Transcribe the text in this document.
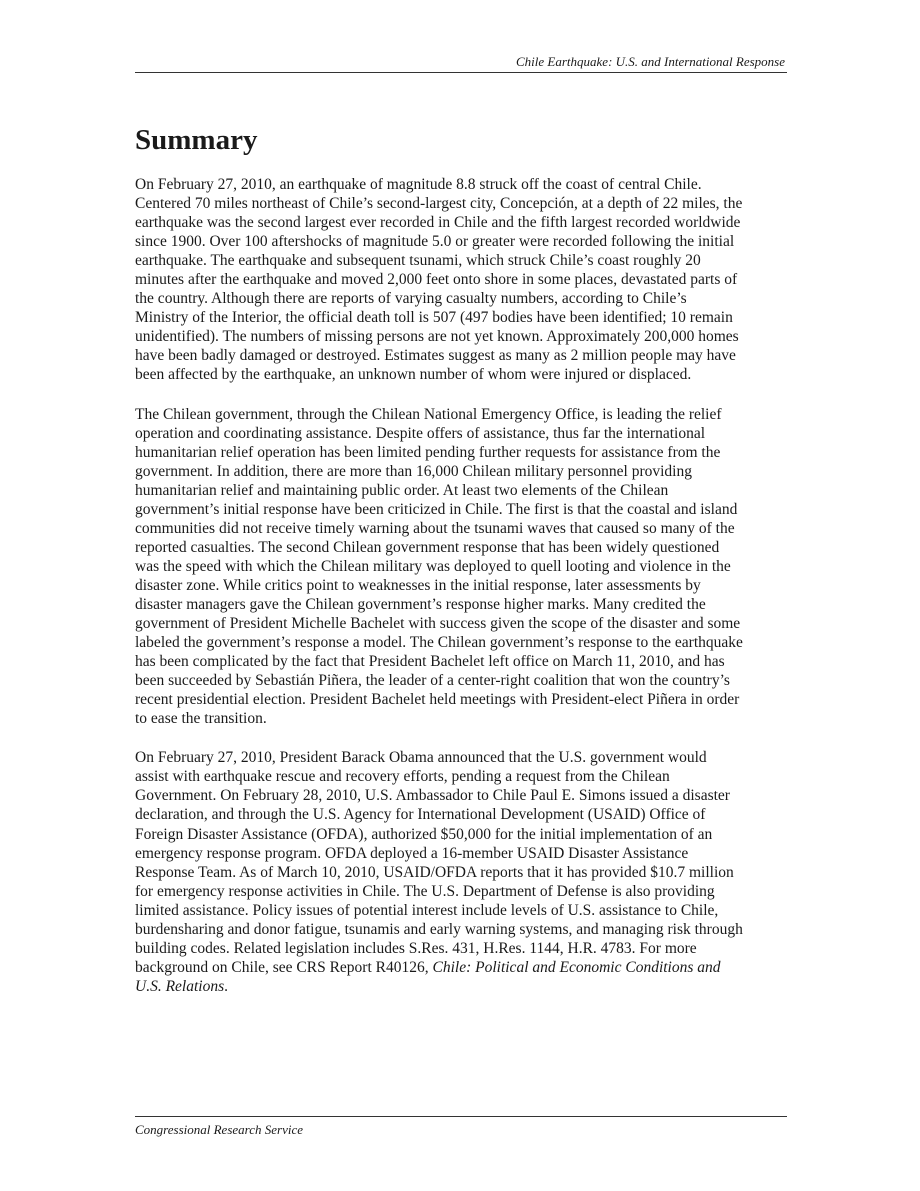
Chile Earthquake: U.S. and International Response
Summary

On February 27, 2010, an earthquake of magnitude 8.8 struck off the coast of central Chile.
Centered 70 miles northeast of Chile’s second-largest city, Concepción, at a depth of 22 miles, the
earthquake was the second largest ever recorded in Chile and the fifth largest recorded worldwide
since 1900. Over 100 aftershocks of magnitude 5.0 or greater were recorded following the initial
earthquake. The earthquake and subsequent tsunami, which struck Chile’s coast roughly 20
minutes after the earthquake and moved 2,000 feet onto shore in some places, devastated parts of
the country. Although there are reports of varying casualty numbers, according to Chile’s
Ministry of the Interior, the official death toll is 507 (497 bodies have been identified; 10 remain
unidentified). The numbers of missing persons are not yet known. Approximately 200,000 homes
have been badly damaged or destroyed. Estimates suggest as many as 2 million people may have
been affected by the earthquake, an unknown number of whom were injured or displaced.

The Chilean government, through the Chilean National Emergency Office, is leading the relief
operation and coordinating assistance. Despite offers of assistance, thus far the international
humanitarian relief operation has been limited pending further requests for assistance from the
government. In addition, there are more than 16,000 Chilean military personnel providing
humanitarian relief and maintaining public order. At least two elements of the Chilean
government’s initial response have been criticized in Chile. The first is that the coastal and island
communities did not receive timely warning about the tsunami waves that caused so many of the
reported casualties. The second Chilean government response that has been widely questioned
was the speed with which the Chilean military was deployed to quell looting and violence in the
disaster zone. While critics point to weaknesses in the initial response, later assessments by
disaster managers gave the Chilean government’s response higher marks. Many credited the
government of President Michelle Bachelet with success given the scope of the disaster and some
labeled the government’s response a model. The Chilean government’s response to the earthquake
has been complicated by the fact that President Bachelet left office on March 11, 2010, and has
been succeeded by Sebastián Piñera, the leader of a center-right coalition that won the country’s
recent presidential election. President Bachelet held meetings with President-elect Piñera in order
to ease the transition.

On February 27, 2010, President Barack Obama announced that the U.S. government would
assist with earthquake rescue and recovery efforts, pending a request from the Chilean
Government. On February 28, 2010, U.S. Ambassador to Chile Paul E. Simons issued a disaster
declaration, and through the U.S. Agency for International Development (USAID) Office of
Foreign Disaster Assistance (OFDA), authorized $50,000 for the initial implementation of an
emergency response program. OFDA deployed a 16-member USAID Disaster Assistance
Response Team. As of March 10, 2010, USAID/OFDA reports that it has provided $10.7 million
for emergency response activities in Chile. The U.S. Department of Defense is also providing
limited assistance. Policy issues of potential interest include levels of U.S. assistance to Chile,
burdensharing and donor fatigue, tsunamis and early warning systems, and managing risk through
building codes. Related legislation includes S.Res. 431, H.Res. 1144, H.R. 4783. For more
background on Chile, see CRS Report R40126, Chile: Political and Economic Conditions and
U.S. Relations.

Congressional Research Service
